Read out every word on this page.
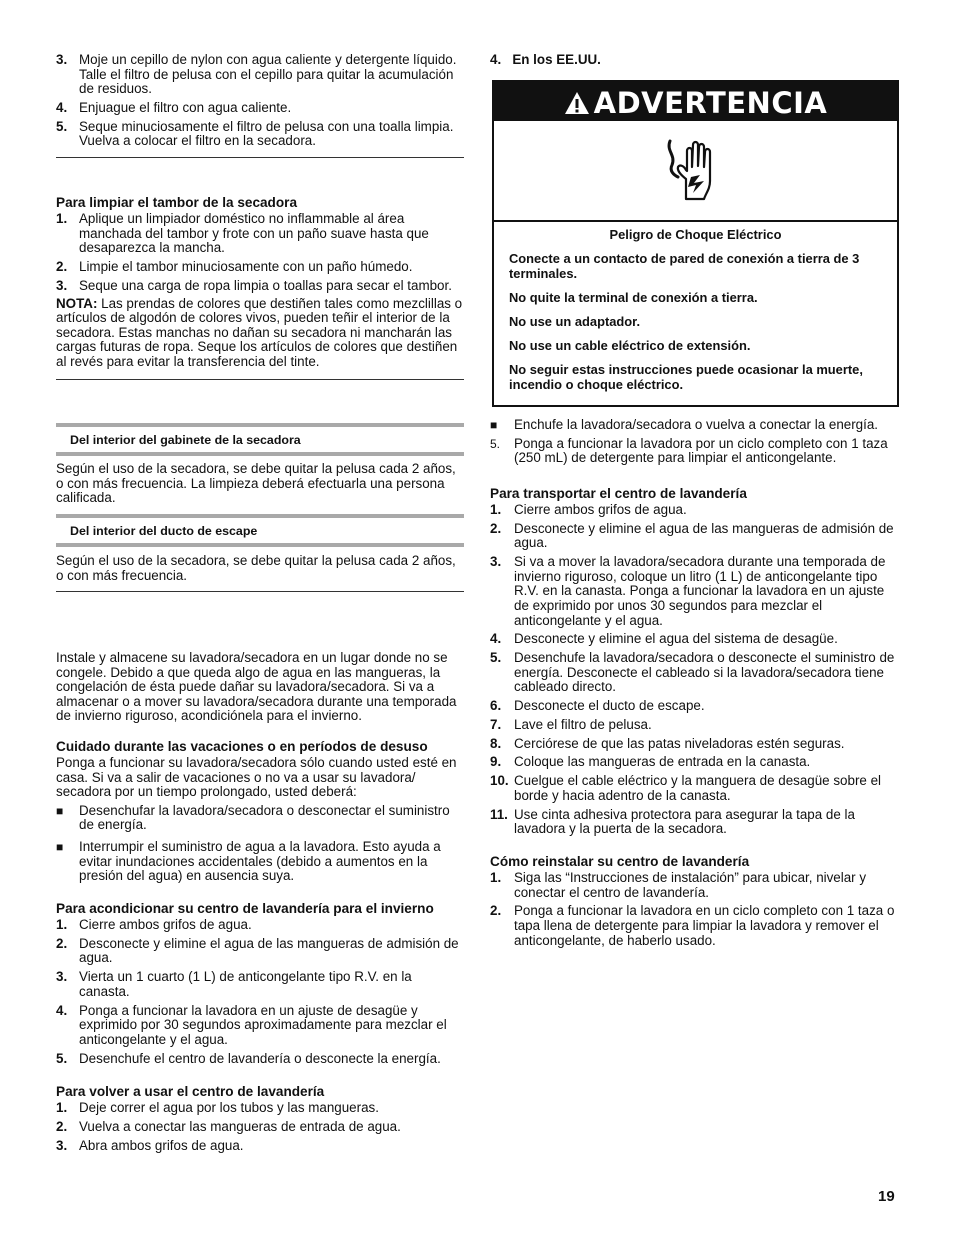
3. Moje un cepillo de nylon con agua caliente y detergente líquido. Talle el filtro de pelusa con el cepillo para quitar la acumulación de residuos.
4. Enjuague el filtro con agua caliente.
5. Seque minuciosamente el filtro de pelusa con una toalla limpia. Vuelva a colocar el filtro en la secadora.
Para limpiar el tambor de la secadora
1. Aplique un limpiador doméstico no inflammable al área manchada del tambor y frote con un paño suave hasta que desaparezca la mancha.
2. Limpie el tambor minuciosamente con un paño húmedo.
3. Seque una carga de ropa limpia o toallas para secar el tambor.

NOTA: Las prendas de colores que destiñen tales como mezclillas o artículos de algodón de colores vivos, pueden teñir el interior de la secadora. Estas manchas no dañan su secadora ni mancharán las cargas futuras de ropa. Seque los artículos de colores que destiñen al revés para evitar la transferencia del tinte.

Del interior del gabinete de la secadora

Según el uso de la secadora, se debe quitar la pelusa cada 2 años, o con más frecuencia. La limpieza deberá efectuarla una persona calificada.

Del interior del ducto de escape

Según el uso de la secadora, se debe quitar la pelusa cada 2 años, o con más frecuencia.

Instale y almacene su lavadora/secadora en un lugar donde no se congele. Debido a que queda algo de agua en las mangueras, la congelación de ésta puede dañar su lavadora/secadora. Si va a almacenar o a mover su lavadora/secadora durante una temporada de invierno riguroso, acondiciónela para el invierno.

Cuidado durante las vacaciones o en períodos de desuso

Ponga a funcionar su lavadora/secadora sólo cuando usted esté en casa. Si va a salir de vacaciones o no va a usar su lavadora/ secadora por un tiempo prolongado, usted deberá:

■ Desenchufar la lavadora/secadora o desconectar el suministro de energía.
■ Interrumpir el suministro de agua a la lavadora. Esto ayuda a evitar inundaciones accidentales (debido a aumentos en la presión del agua) en ausencia suya.
Para acondicionar su centro de lavandería para el invierno
1. Cierre ambos grifos de agua.
2. Desconecte y elimine el agua de las mangueras de admisión de agua.
3. Vierta un 1 cuarto (1 L) de anticongelante tipo R.V. en la canasta.
4. Ponga a funcionar la lavadora en un ajuste de desagüe y exprimido por 30 segundos aproximadamente para mezclar el anticongelante y el agua.
5. Desenchufe el centro de lavandería o desconecte la energía.
Para volver a usar el centro de lavandería
1. Deje correr el agua por los tubos y las mangueras.
2. Vuelva a conectar las mangueras de entrada de agua.
3. Abra ambos grifos de agua.
4. En los EE.UU.
■ Enchufe la lavadora/secadora o vuelva a conectar la energía.
5. Ponga a funcionar la lavadora por un ciclo completo con 1 taza (250 mL) de detergente para limpiar el anticongelante.
Para transportar el centro de lavandería
1. Cierre ambos grifos de agua.
2. Desconecte y elimine el agua de las mangueras de admisión de agua.
3. Si va a mover la lavadora/secadora durante una temporada de invierno riguroso, coloque un litro (1 L) de anticongelante tipo R.V. en la canasta. Ponga a funcionar la lavadora en un ajuste de exprimido por unos 30 segundos para mezclar el anticongelante y el agua.
4. Desconecte y elimine el agua del sistema de desagüe.
5. Desenchufe la lavadora/secadora o desconecte el suministro de energía. Desconecte el cableado si la lavadora/secadora tiene cableado directo.
6. Desconecte el ducto de escape.
7. Lave el filtro de pelusa.
8. Cerciórese de que las patas niveladoras estén seguras.
9. Coloque las mangueras de entrada en la canasta.
10. Cuelgue el cable eléctrico y la manguera de desagüe sobre el borde y hacia adentro de la canasta.
11. Use cinta adhesiva protectora para asegurar la tapa de la lavadora y la puerta de la secadora.
Cómo reinstalar su centro de lavandería
1. Siga las “Instrucciones de instalación” para ubicar, nivelar y conectar el centro de lavandería.
2. Ponga a funcionar la lavadora en un ciclo completo con 1 taza o tapa llena de detergente para limpiar la lavadora y remover el anticongelante, de haberlo usado.
ADVERTENCIA

Peligro de Choque Eléctrico

Conecte a un contacto de pared de conexión a tierra de 3 terminales.

No quite la terminal de conexión a tierra.

No use un adaptador.

No use un cable eléctrico de extensión.

No seguir estas instrucciones puede ocasionar la muerte, incendio o choque eléctrico.

19
